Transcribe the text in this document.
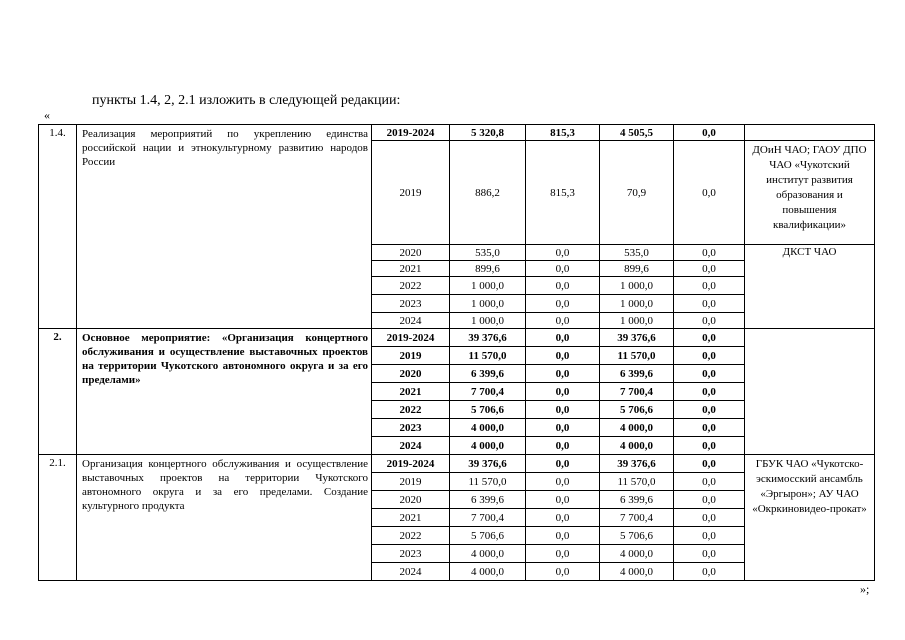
пункты 1.4, 2, 2.1 изложить в следующей редакции:
«
1.4.	Реализация мероприятий по укреплению единства российской нации и этнокультурному развитию народов России	2019-2024	5 320,8	815,3	4 505,5	0,0	
		2019	886,2	815,3	70,9	0,0	ДОиН ЧАО; ГАОУ ДПО ЧАО «Чукотский институт развития образования и повышения квалификации»
		2020	535,0	0,0	535,0	0,0	ДКСТ ЧАО
		2021	899,6	0,0	899,6	0,0	
		2022	1 000,0	0,0	1 000,0	0,0	
		2023	1 000,0	0,0	1 000,0	0,0	
		2024	1 000,0	0,0	1 000,0	0,0	
2.	Основное мероприятие: «Организация концертного обслуживания и осуществление выставочных проектов на территории Чукотского автономного округа и за его пределами»	2019-2024	39 376,6	0,0	39 376,6	0,0	
		2019	11 570,0	0,0	11 570,0	0,0	
		2020	6 399,6	0,0	6 399,6	0,0	
		2021	7 700,4	0,0	7 700,4	0,0	
		2022	5 706,6	0,0	5 706,6	0,0	
		2023	4 000,0	0,0	4 000,0	0,0	
		2024	4 000,0	0,0	4 000,0	0,0	
2.1.	Организация концертного обслуживания и осуществление выставочных проектов на территории Чукотского автономного округа и за его пределами. Создание культурного продукта	2019-2024	39 376,6	0,0	39 376,6	0,0	ГБУК ЧАО «Чукотско-эскимосский ансамбль «Эргырон»; АУ ЧАО «Окркиновидео-прокат»
		2019	11 570,0	0,0	11 570,0	0,0	
		2020	6 399,6	0,0	6 399,6	0,0	
		2021	7 700,4	0,0	7 700,4	0,0	
		2022	5 706,6	0,0	5 706,6	0,0	
		2023	4 000,0	0,0	4 000,0	0,0	
		2024	4 000,0	0,0	4 000,0	0,0	
»;
